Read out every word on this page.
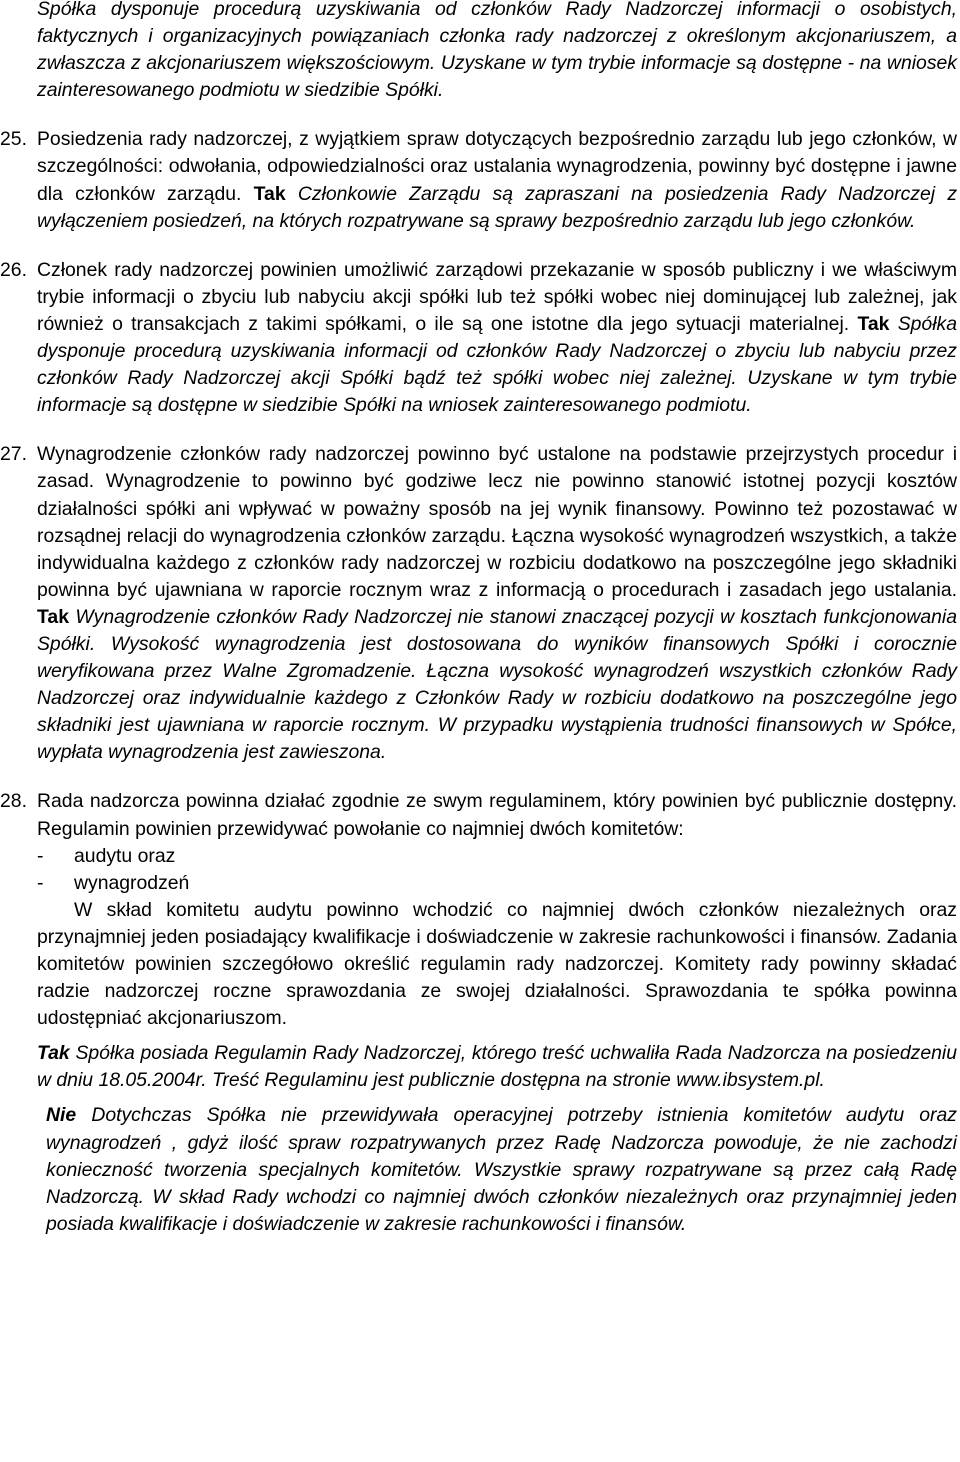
Spółka dysponuje procedurą uzyskiwania od członków Rady Nadzorczej informacji o osobistych, faktycznych i organizacyjnych powiązaniach członka rady nadzorczej z określonym akcjonariuszem, a zwłaszcza z akcjonariuszem większościowym. Uzyskane w tym trybie informacje są dostępne - na wniosek zainteresowanego podmiotu w siedzibie Spółki.

25. Posiedzenia rady nadzorczej, z wyjątkiem spraw dotyczących bezpośrednio zarządu lub jego członków, w szczególności: odwołania, odpowiedzialności oraz ustalania wynagrodzenia, powinny być dostępne i jawne dla członków zarządu. Tak Członkowie Zarządu są zapraszani na posiedzenia Rady Nadzorczej z wyłączeniem posiedzeń, na których rozpatrywane są sprawy bezpośrednio zarządu lub jego członków.

26. Członek rady nadzorczej powinien umożliwić zarządowi przekazanie w sposób publiczny i we właściwym trybie informacji o zbyciu lub nabyciu akcji spółki lub też spółki wobec niej dominującej lub zależnej, jak również o transakcjach z takimi spółkami, o ile są one istotne dla jego sytuacji materialnej. Tak Spółka dysponuje procedurą uzyskiwania informacji od członków Rady Nadzorczej o zbyciu lub nabyciu przez członków Rady Nadzorczej akcji Spółki bądź też spółki wobec niej zależnej. Uzyskane w tym trybie informacje są dostępne w siedzibie Spółki na wniosek zainteresowanego podmiotu.

27. Wynagrodzenie członków rady nadzorczej powinno być ustalone na podstawie przejrzystych procedur i zasad. Wynagrodzenie to powinno być godziwe lecz nie powinno stanowić istotnej pozycji kosztów działalności spółki ani wpływać w poważny sposób na jej wynik finansowy. Powinno też pozostawać w rozsądnej relacji do wynagrodzenia członków zarządu. Łączna wysokość wynagrodzeń wszystkich, a także indywidualna każdego z członków rady nadzorczej w rozbiciu dodatkowo na poszczególne jego składniki powinna być ujawniana w raporcie rocznym wraz z informacją o procedurach i zasadach jego ustalania. Tak Wynagrodzenie członków Rady Nadzorczej nie stanowi znaczącej pozycji w kosztach funkcjonowania Spółki. Wysokość wynagrodzenia jest dostosowana do wyników finansowych Spółki i corocznie weryfikowana przez Walne Zgromadzenie. Łączna wysokość wynagrodzeń wszystkich członków Rady Nadzorczej oraz indywidualnie każdego z Członków Rady w rozbiciu dodatkowo na poszczególne jego składniki jest ujawniana w raporcie rocznym. W przypadku wystąpienia trudności finansowych w Spółce, wypłata wynagrodzenia jest zawieszona.

28. Rada nadzorcza powinna działać zgodnie ze swym regulaminem, który powinien być publicznie dostępny. Regulamin powinien przewidywać powołanie co najmniej dwóch komitetów:

- audytu oraz
- wynagrodzeń

W skład komitetu audytu powinno wchodzić co najmniej dwóch członków niezależnych oraz przynajmniej jeden posiadający kwalifikacje i doświadczenie w zakresie rachunkowości i finansów. Zadania komitetów powinien szczegółowo określić regulamin rady nadzorczej. Komitety rady powinny składać radzie nadzorczej roczne sprawozdania ze swojej działalności. Sprawozdania te spółka powinna udostępniać akcjonariuszom.

Tak Spółka posiada Regulamin Rady Nadzorczej, którego treść uchwaliła Rada Nadzorcza na posiedzeniu w dniu 18.05.2004r. Treść Regulaminu jest publicznie dostępna na stronie www.ibsystem.pl.

Nie Dotychczas Spółka nie przewidywała operacyjnej potrzeby istnienia komitetów audytu oraz wynagrodzeń , gdyż ilość spraw rozpatrywanych przez Radę Nadzorcza powoduje, że nie zachodzi konieczność tworzenia specjalnych komitetów. Wszystkie sprawy rozpatrywane są przez całą Radę Nadzorczą. W skład Rady wchodzi co najmniej dwóch członków niezależnych oraz przynajmniej jeden posiada kwalifikacje i doświadczenie w zakresie rachunkowości i finansów.
